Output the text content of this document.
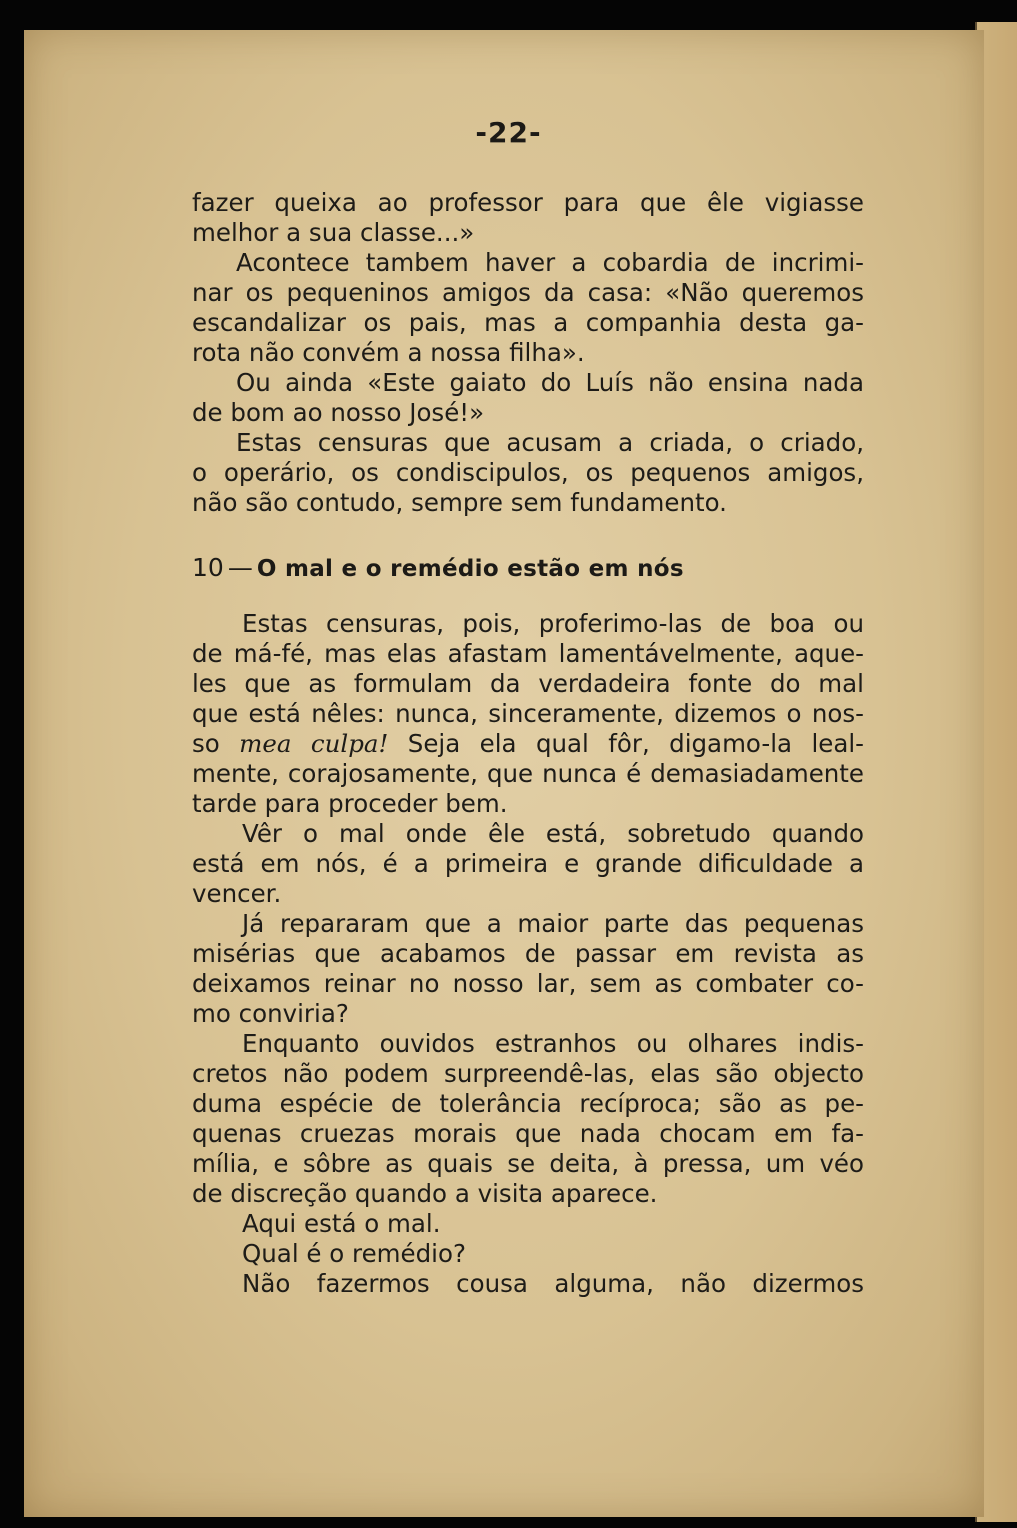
-22-
fazer queixa ao professor para que êle vigiasse
melhor a sua classe...»
Acontece tambem haver a cobardia de incrimi-
nar os pequeninos amigos da casa: «Não queremos
escandalizar os pais, mas a companhia desta ga-
rota não convém a nossa filha».
Ou ainda «Este gaiato do Luís não ensina nada
de bom ao nosso José!»
Estas censuras que acusam a criada, o criado,
o operário, os condiscipulos, os pequenos amigos,
não são contudo, sempre sem fundamento.
10 — O mal e o remédio estão em nós
Estas censuras, pois, proferimo-las de boa ou
de má-fé, mas elas afastam lamentávelmente, aque-
les que as formulam da verdadeira fonte do mal
que está nêles: nunca, sinceramente, dizemos o nos-
so mea culpa! Seja ela qual fôr, digamo-la leal-
mente, corajosamente, que nunca é demasiadamente
tarde para proceder bem.
Vêr o mal onde êle está, sobretudo quando
está em nós, é a primeira e grande dificuldade a
vencer.
Já repararam que a maior parte das pequenas
misérias que acabamos de passar em revista as
deixamos reinar no nosso lar, sem as combater co-
mo conviria?
Enquanto ouvidos estranhos ou olhares indis-
cretos não podem surpreendê-las, elas são objecto
duma espécie de tolerância recíproca; são as pe-
quenas cruezas morais que nada chocam em fa-
mília, e sôbre as quais se deita, à pressa, um véo
de discreção quando a visita aparece.
Aqui está o mal.
Qual é o remédio?
Não fazermos cousa alguma, não dizermos
